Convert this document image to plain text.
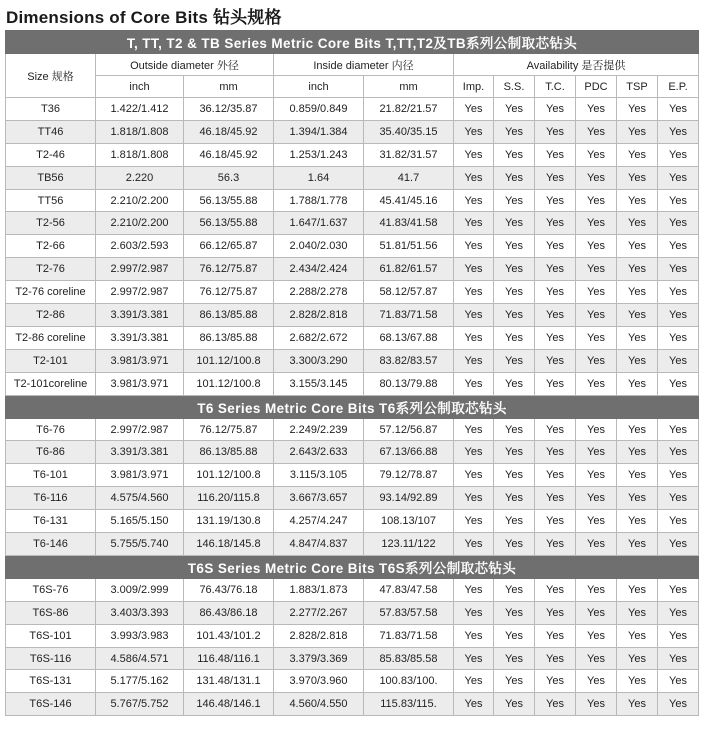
Dimensions of Core Bits 钻头规格
T, TT, T2 & TB Series Metric Core Bits T,TT,T2及TB系列公制取芯钻头										
Size 规格	Outside diameter 外径		Inside diameter 内径		Availability 是否提供					
	inch	mm	inch	mm	Imp.	S.S.	T.C.	PDC	TSP	E.P.
T36	1.422/1.412	36.12/35.87	0.859/0.849	21.82/21.57	Yes	Yes	Yes	Yes	Yes	Yes
TT46	1.818/1.808	46.18/45.92	1.394/1.384	35.40/35.15	Yes	Yes	Yes	Yes	Yes	Yes
T2-46	1.818/1.808	46.18/45.92	1.253/1.243	31.82/31.57	Yes	Yes	Yes	Yes	Yes	Yes
TB56	2.220	56.3	1.64	41.7	Yes	Yes	Yes	Yes	Yes	Yes
TT56	2.210/2.200	56.13/55.88	1.788/1.778	45.41/45.16	Yes	Yes	Yes	Yes	Yes	Yes
T2-56	2.210/2.200	56.13/55.88	1.647/1.637	41.83/41.58	Yes	Yes	Yes	Yes	Yes	Yes
T2-66	2.603/2.593	66.12/65.87	2.040/2.030	51.81/51.56	Yes	Yes	Yes	Yes	Yes	Yes
T2-76	2.997/2.987	76.12/75.87	2.434/2.424	61.82/61.57	Yes	Yes	Yes	Yes	Yes	Yes
T2-76 coreline	2.997/2.987	76.12/75.87	2.288/2.278	58.12/57.87	Yes	Yes	Yes	Yes	Yes	Yes
T2-86	3.391/3.381	86.13/85.88	2.828/2.818	71.83/71.58	Yes	Yes	Yes	Yes	Yes	Yes
T2-86 coreline	3.391/3.381	86.13/85.88	2.682/2.672	68.13/67.88	Yes	Yes	Yes	Yes	Yes	Yes
T2-101	3.981/3.971	101.12/100.8	3.300/3.290	83.82/83.57	Yes	Yes	Yes	Yes	Yes	Yes
T2-101coreline	3.981/3.971	101.12/100.8	3.155/3.145	80.13/79.88	Yes	Yes	Yes	Yes	Yes	Yes
T6 Series Metric Core Bits T6系列公制取芯钻头										
T6-76	2.997/2.987	76.12/75.87	2.249/2.239	57.12/56.87	Yes	Yes	Yes	Yes	Yes	Yes
T6-86	3.391/3.381	86.13/85.88	2.643/2.633	67.13/66.88	Yes	Yes	Yes	Yes	Yes	Yes
T6-101	3.981/3.971	101.12/100.8	3.115/3.105	79.12/78.87	Yes	Yes	Yes	Yes	Yes	Yes
T6-116	4.575/4.560	116.20/115.8	3.667/3.657	93.14/92.89	Yes	Yes	Yes	Yes	Yes	Yes
T6-131	5.165/5.150	131.19/130.8	4.257/4.247	108.13/107	Yes	Yes	Yes	Yes	Yes	Yes
T6-146	5.755/5.740	146.18/145.8	4.847/4.837	123.11/122	Yes	Yes	Yes	Yes	Yes	Yes
T6S Series Metric Core Bits T6S系列公制取芯钻头										
T6S-76	3.009/2.999	76.43/76.18	1.883/1.873	47.83/47.58	Yes	Yes	Yes	Yes	Yes	Yes
T6S-86	3.403/3.393	86.43/86.18	2.277/2.267	57.83/57.58	Yes	Yes	Yes	Yes	Yes	Yes
T6S-101	3.993/3.983	101.43/101.2	2.828/2.818	71.83/71.58	Yes	Yes	Yes	Yes	Yes	Yes
T6S-116	4.586/4.571	116.48/116.1	3.379/3.369	85.83/85.58	Yes	Yes	Yes	Yes	Yes	Yes
T6S-131	5.177/5.162	131.48/131.1	3.970/3.960	100.83/100.	Yes	Yes	Yes	Yes	Yes	Yes
T6S-146	5.767/5.752	146.48/146.1	4.560/4.550	115.83/115.	Yes	Yes	Yes	Yes	Yes	Yes
